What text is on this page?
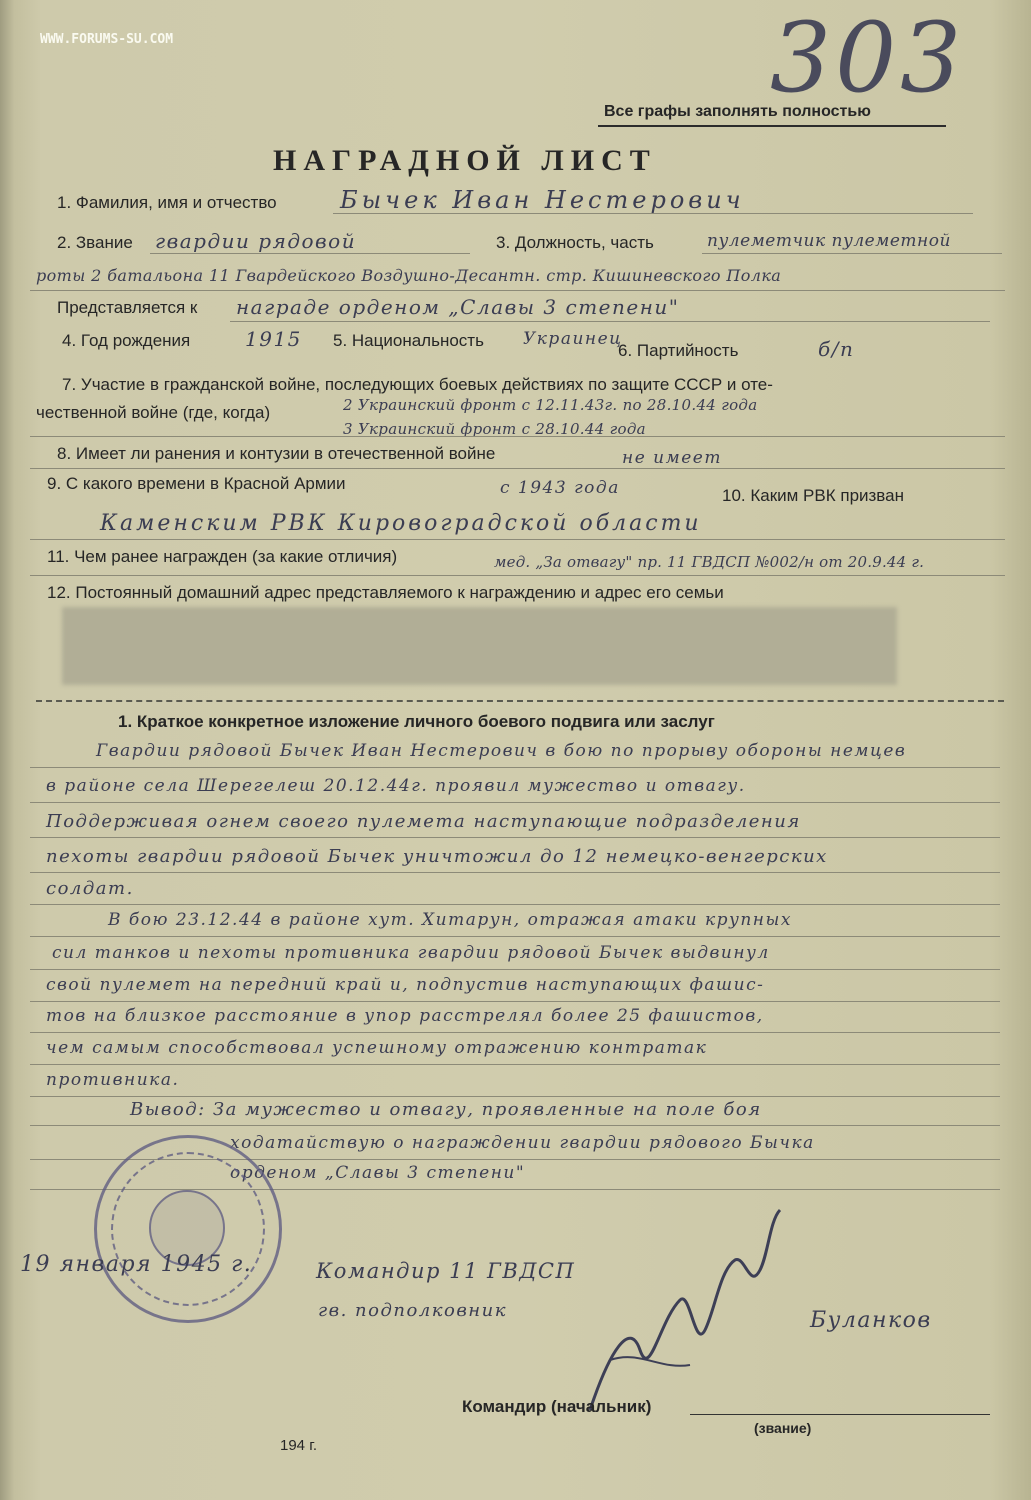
WWW.FORUMS-SU.COM	303
Все графы заполнять полностью
НАГРАДНОЙ ЛИСТ
1. Фамилия, имя и отчество	Бычек Иван Нестерович
2. Звание гвардии рядовой	3. Должность, часть	пулеметчик пулеметной
роты 2 батальона 11 Гвардейского Воздушно-Десантн. стр. Кишиневского Полка
Представляется к награде орденом „Славы 3 степени"
4. Год рождения	1915 5. Национальность Украинец
6. Партийность	б/п
7. Участие в гражданской войне, последующих боевых действиях по защите СССР и оте-
чественной войне (где, когда)	2 Украинский фронт с 12.11.43г. по 28.10.44 года
3 Украинский фронт с 28.10.44 года
8. Имеет ли ранения и контузии в отечественной войне	не имеет
9. С какого времени в Красной Армии	с 1943 года	10. Каким РВК призван
Каменским РВК Кировоградской области
11. Чем ранее награжден (за какие отличия)	мед. „За отвагу" пр. 11 ГВДСП №002/н от 20.9.44 г.
12. Постоянный домашний адрес представляемого к награждению и адрес его семьи
1. Краткое конкретное изложение личного боевого подвига или заслуг
Гвардии рядовой Бычек Иван Нестерович в бою по прорыву обороны немцев
в районе села Шерегелеш 20.12.44г. проявил мужество и отвагу.
Поддерживая огнем своего пулемета наступающие подразделения
пехоты гвардии рядовой Бычек уничтожил до 12 немецко-венгерских
солдат.
В бою 23.12.44 в районе хут. Хитарун, отражая атаки крупных
сил танков и пехоты противника гвардии рядовой Бычек выдвинул
свой пулемет на передний край и, подпустив наступающих фашис-
тов на близкое расстояние в упор расстрелял более 25 фашистов,
чем самым способствовал успешному отражению контратак
противника.
Вывод: За мужество и отвагу, проявленные на поле боя
ходатайствую о награждении гвардии рядового Бычка
орденом „Славы 3 степени"
19 января 1945 г.	Командир 11 ГВДСП
гв. подполковник	Буланков
Командир (начальник)
(звание)
194 г.
